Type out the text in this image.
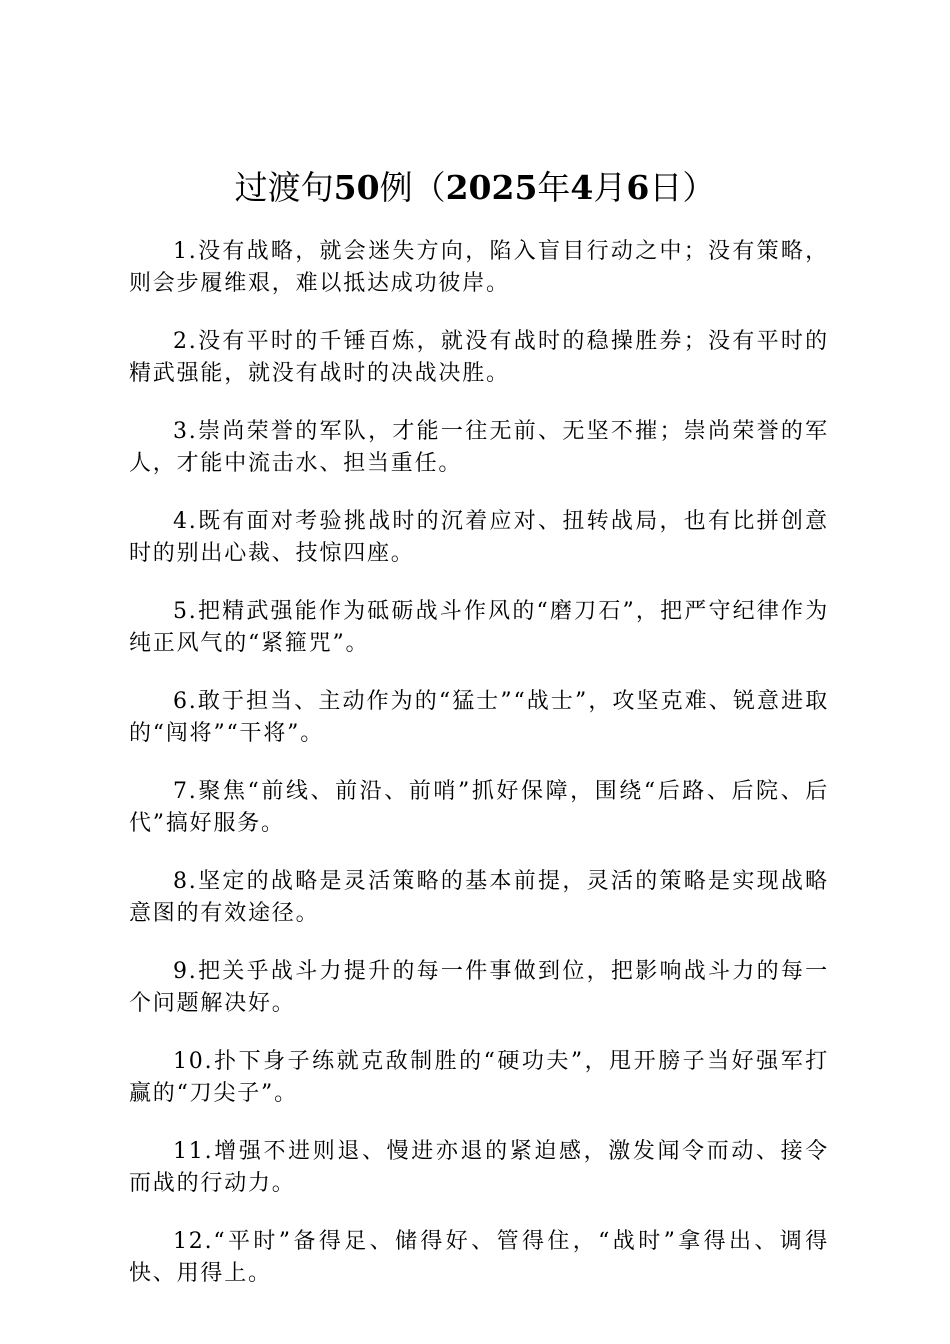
过渡句50例（2025年4月6日）

1.没有战略，就会迷失方向，陷入盲目行动之中；没有策略，则会步履维艰，难以抵达成功彼岸。

2.没有平时的千锤百炼，就没有战时的稳操胜券；没有平时的精武强能，就没有战时的决战决胜。

3.崇尚荣誉的军队，才能一往无前、无坚不摧；崇尚荣誉的军人，才能中流击水、担当重任。

4.既有面对考验挑战时的沉着应对、扭转战局，也有比拼创意时的别出心裁、技惊四座。

5.把精武强能作为砥砺战斗作风的“磨刀石”，把严守纪律作为纯正风气的“紧箍咒”。

6.敢于担当、主动作为的“猛士”“战士”，攻坚克难、锐意进取的“闯将”“干将”。

7.聚焦“前线、前沿、前哨”抓好保障，围绕“后路、后院、后代”搞好服务。

8.坚定的战略是灵活策略的基本前提，灵活的策略是实现战略意图的有效途径。

9.把关乎战斗力提升的每一件事做到位，把影响战斗力的每一个问题解决好。

10.扑下身子练就克敌制胜的“硬功夫”，甩开膀子当好强军打赢的“刀尖子”。

11.增强不进则退、慢进亦退的紧迫感，激发闻令而动、接令而战的行动力。

12.“平时”备得足、储得好、管得住，“战时”拿得出、调得快、用得上。
